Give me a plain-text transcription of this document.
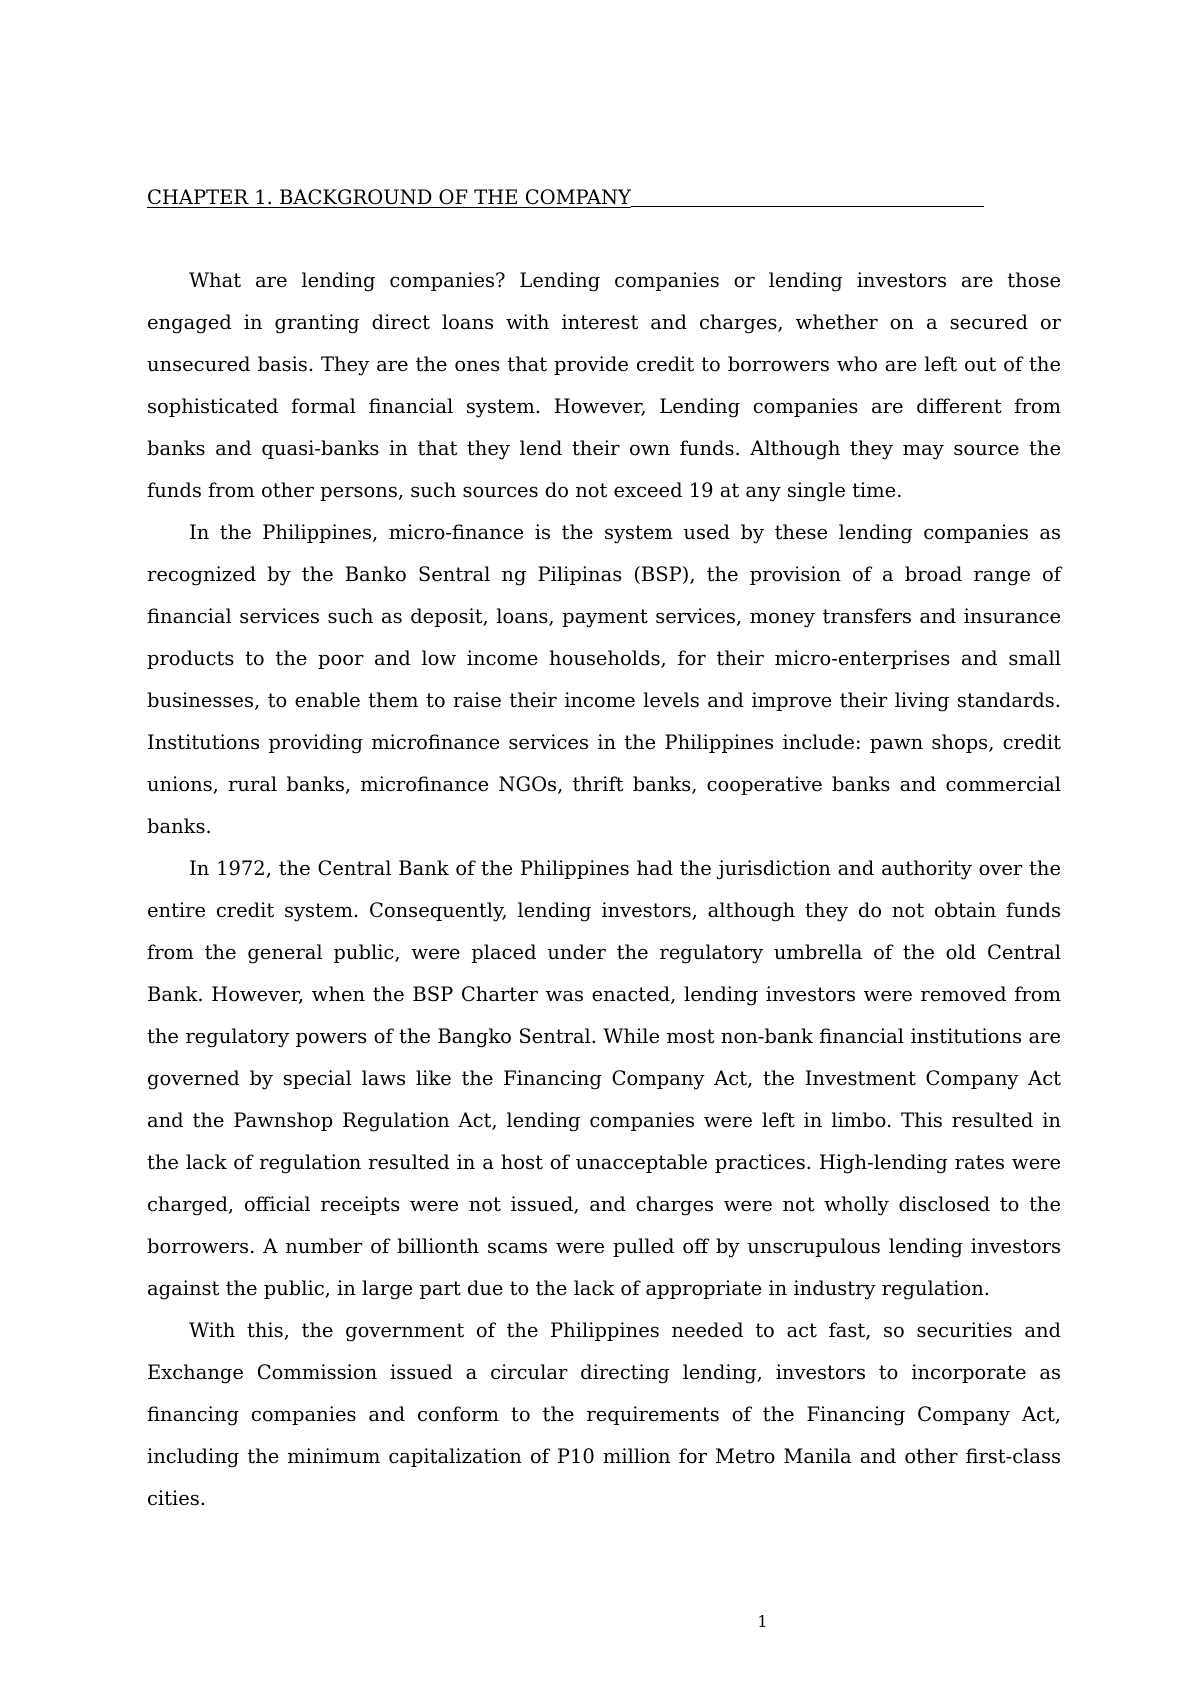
CHAPTER 1. BACKGROUND OF THE COMPANY

What are lending companies? Lending companies or lending investors are those engaged in granting direct loans with interest and charges, whether on a secured or unsecured basis. They are the ones that provide credit to borrowers who are left out of the sophisticated formal financial system. However, Lending companies are different from banks and quasi-banks in that they lend their own funds. Although they may source the funds from other persons, such sources do not exceed 19 at any single time.

In the Philippines, micro-finance is the system used by these lending companies as recognized by the Banko Sentral ng Pilipinas (BSP), the provision of a broad range of financial services such as deposit, loans, payment services, money transfers and insurance products to the poor and low income households, for their micro-enterprises and small businesses, to enable them to raise their income levels and improve their living standards. Institutions providing microfinance services in the Philippines include: pawn shops, credit unions, rural banks, microfinance NGOs, thrift banks, cooperative banks and commercial banks.

In 1972, the Central Bank of the Philippines had the jurisdiction and authority over the entire credit system. Consequently, lending investors, although they do not obtain funds from the general public, were placed under the regulatory umbrella of the old Central Bank. However, when the BSP Charter was enacted, lending investors were removed from the regulatory powers of the Bangko Sentral. While most non-bank financial institutions are governed by special laws like the Financing Company Act, the Investment Company Act and the Pawnshop Regulation Act, lending companies were left in limbo. This resulted in the lack of regulation resulted in a host of unacceptable practices. High-lending rates were charged, official receipts were not issued, and charges were not wholly disclosed to the borrowers. A number of billionth scams were pulled off by unscrupulous lending investors against the public, in large part due to the lack of appropriate in industry regulation.

With this, the government of the Philippines needed to act fast, so securities and Exchange Commission issued a circular directing lending, investors to incorporate as financing companies and conform to the requirements of the Financing Company Act, including the minimum capitalization of P10 million for Metro Manila and other first-class cities.

1
